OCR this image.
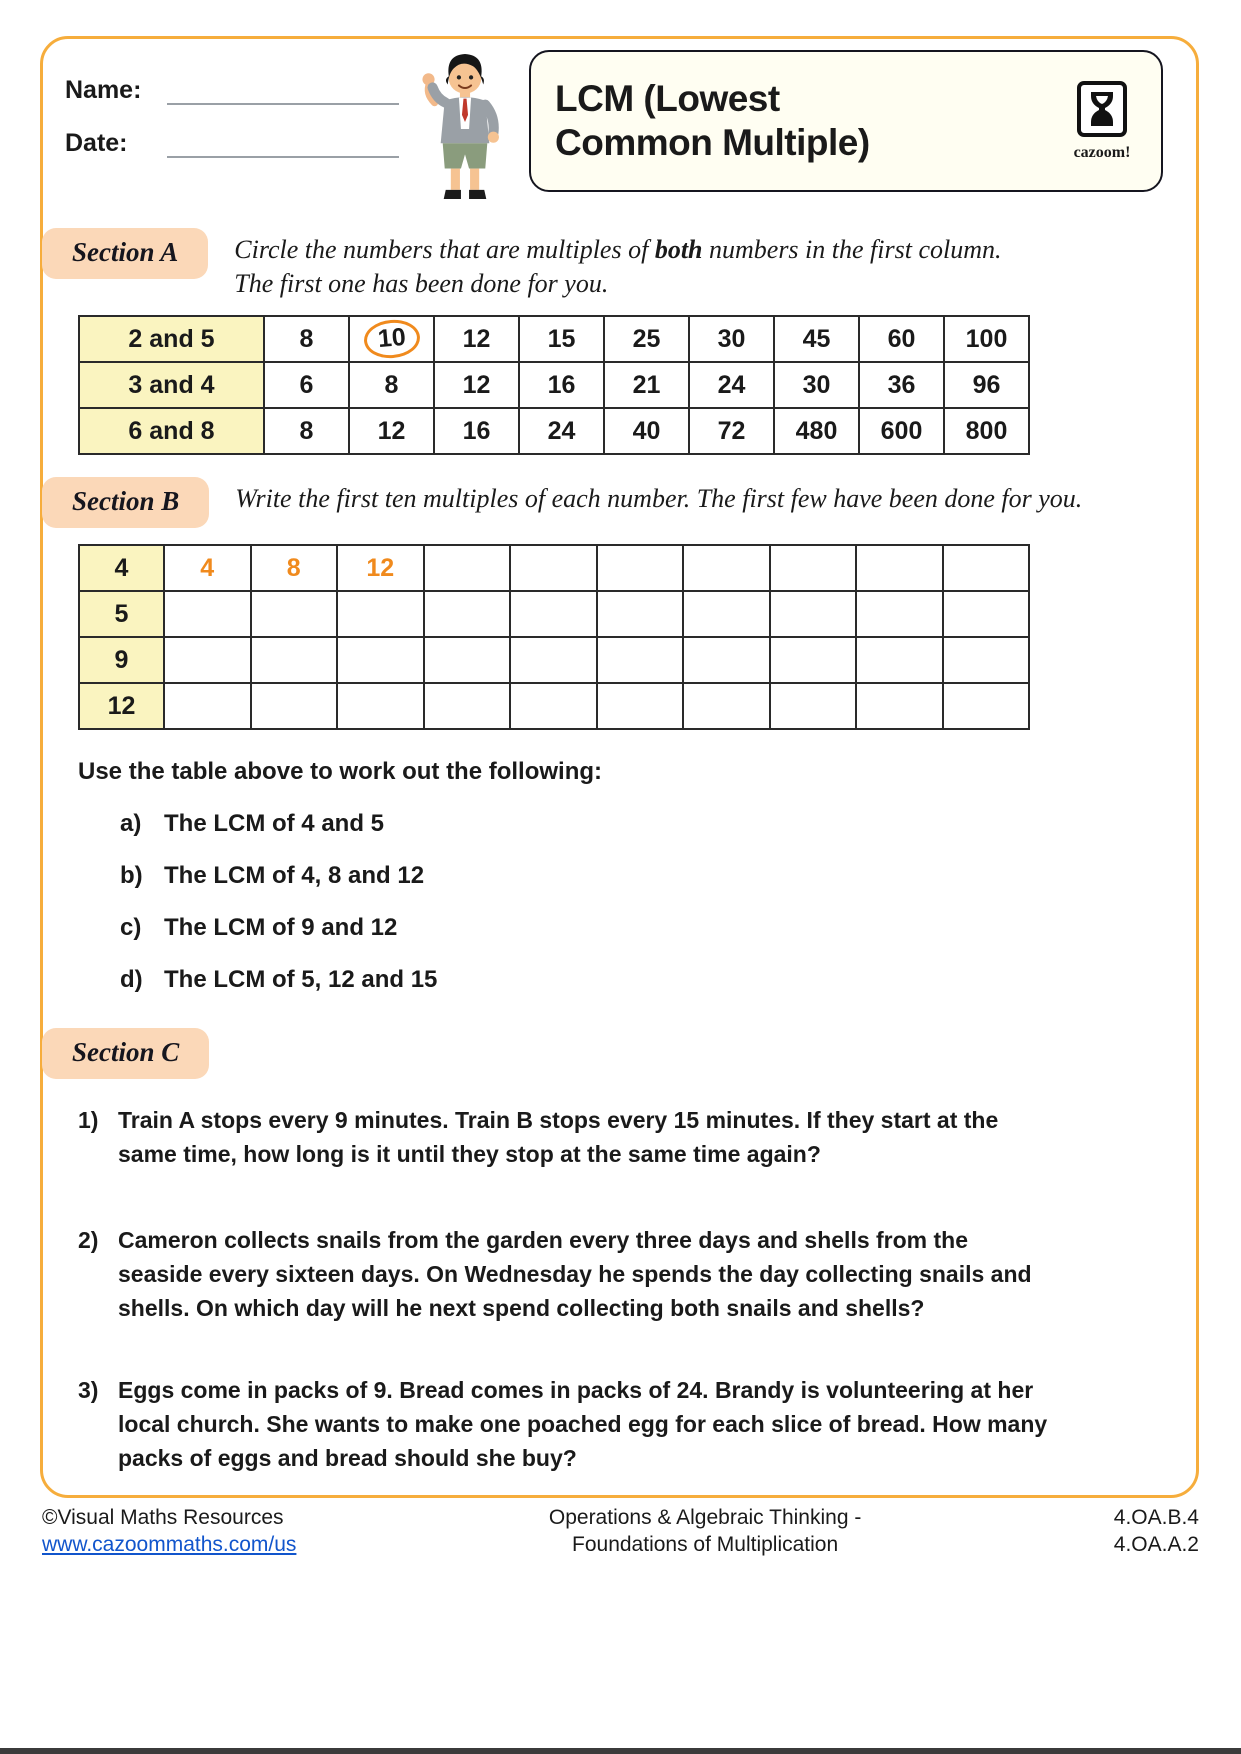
Name:
Date:
LCM (Lowest
Common Multiple)	cazoom!
Section A	Circle the numbers that are multiples of both numbers in the first column.
The first one has been done for you.
2 and 5	8	10	12	15	25	30	45	60	100
3 and 4	6	8	12	16	21	24	30	36	96
6 and 8	8	12	16	24	40	72	480	600	800
Section B	Write the first ten multiples of each number. The first few have been done for you.
4	4	8	12							
5										
9										
12										
Use the table above to work out the following:
a) The LCM of 4 and 5
b) The LCM of 4, 8 and 12
c) The LCM of 9 and 12
d) The LCM of 5, 12 and 15
Section C
1) Train A stops every 9 minutes. Train B stops every 15 minutes. If they start at the same time, how long is it until they stop at the same time again?
2) Cameron collects snails from the garden every three days and shells from the seaside every sixteen days. On Wednesday he spends the day collecting snails and shells. On which day will he next spend collecting both snails and shells?
3) Eggs come in packs of 9. Bread comes in packs of 24. Brandy is volunteering at her local church. She wants to make one poached egg for each slice of bread. How many packs of eggs and bread should she buy?
©Visual Maths Resources
www.cazoommaths.com/us
Operations & Algebraic Thinking -
Foundations of Multiplication
4.OA.B.4
4.OA.A.2
